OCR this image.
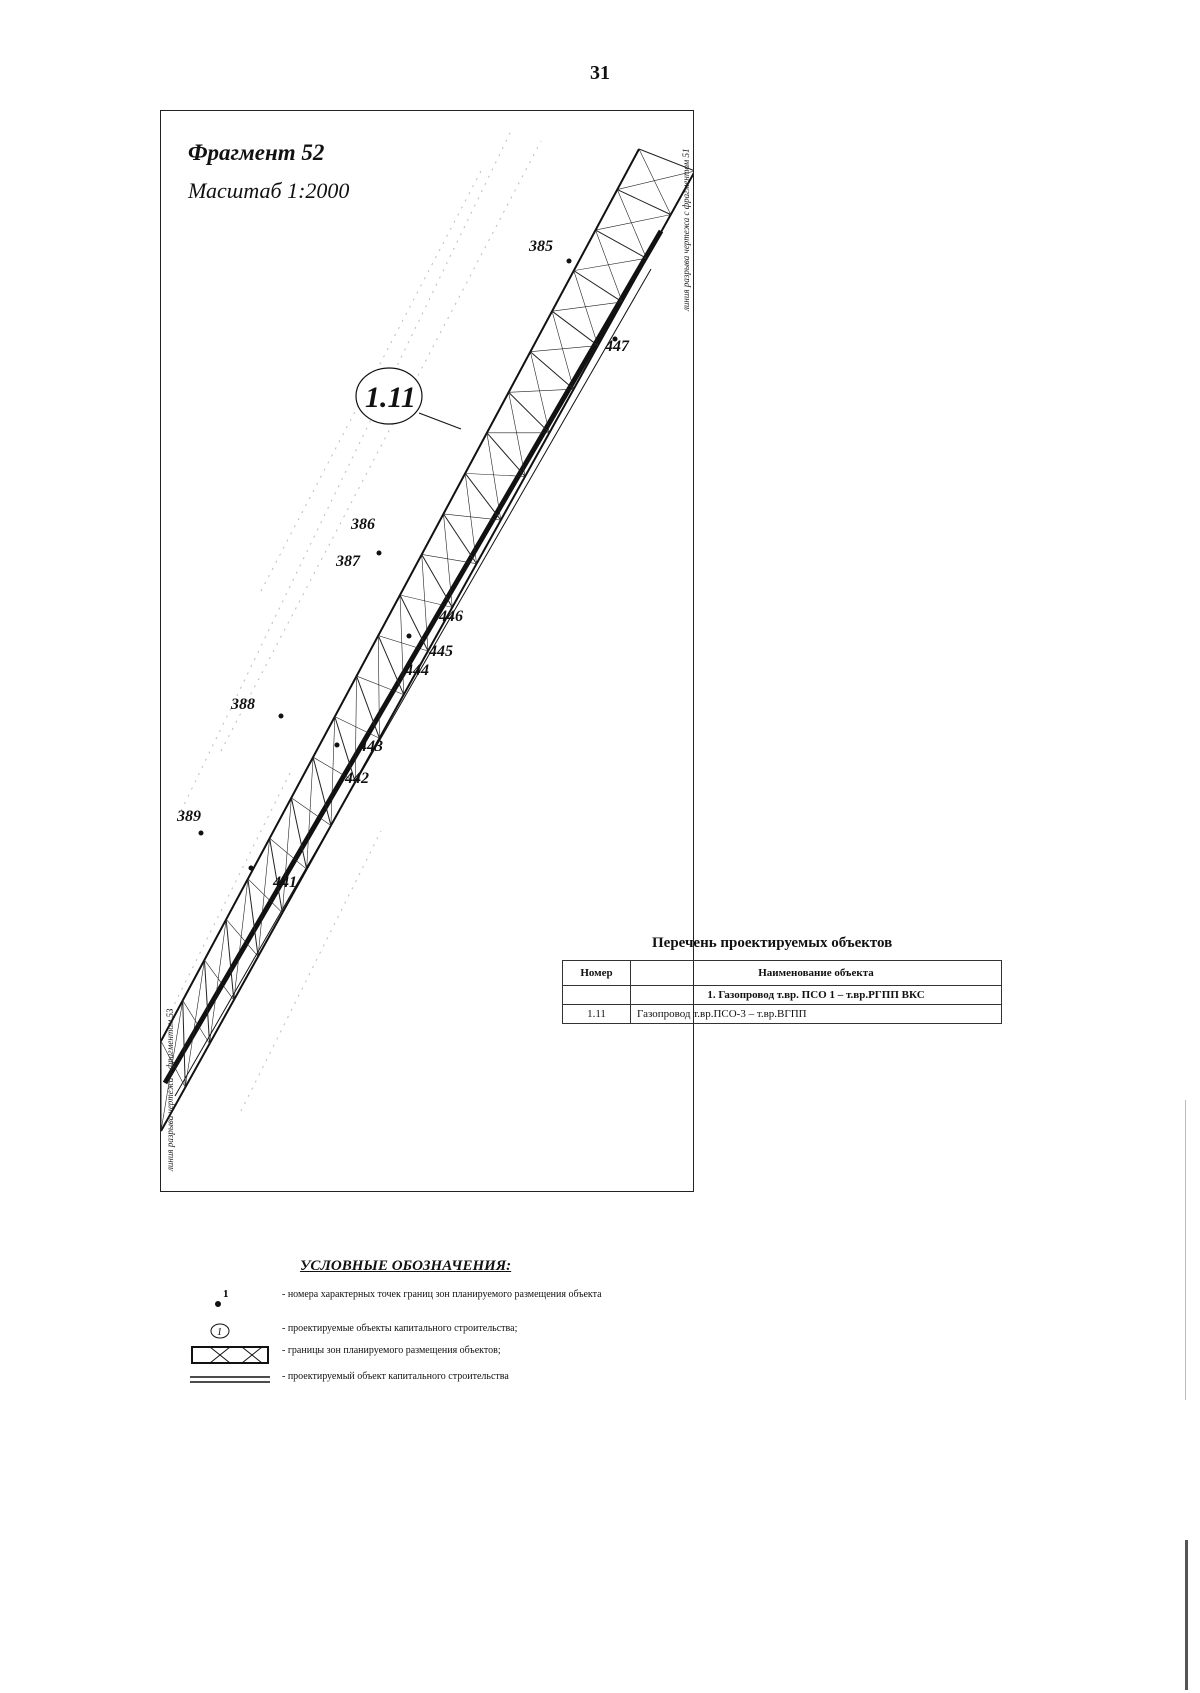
31
385
386
387
388
389
441
442
443
444
445
446
447
1.11
линия разрыва чертежа с фрагментом 53
линия разрыва чертежа с фрагментом 51
Фрагмент 52
Масштаб 1:2000
Перечень проектируемых объектов
Номер	Наименование объекта
	1. Газопровод т.вр. ПСО 1 – т.вр.РГПП ВКС
1.11	Газопровод т.вр.ПСО-3 – т.вр.ВГПП
УСЛОВНЫЕ ОБОЗНАЧЕНИЯ:
1	- номера характерных точек границ зон планируемого размещения объекта
1	- проектируемые объекты капитального строительства;
- границы зон планируемого размещения объектов;
- проектируемый объект капитального строительства
